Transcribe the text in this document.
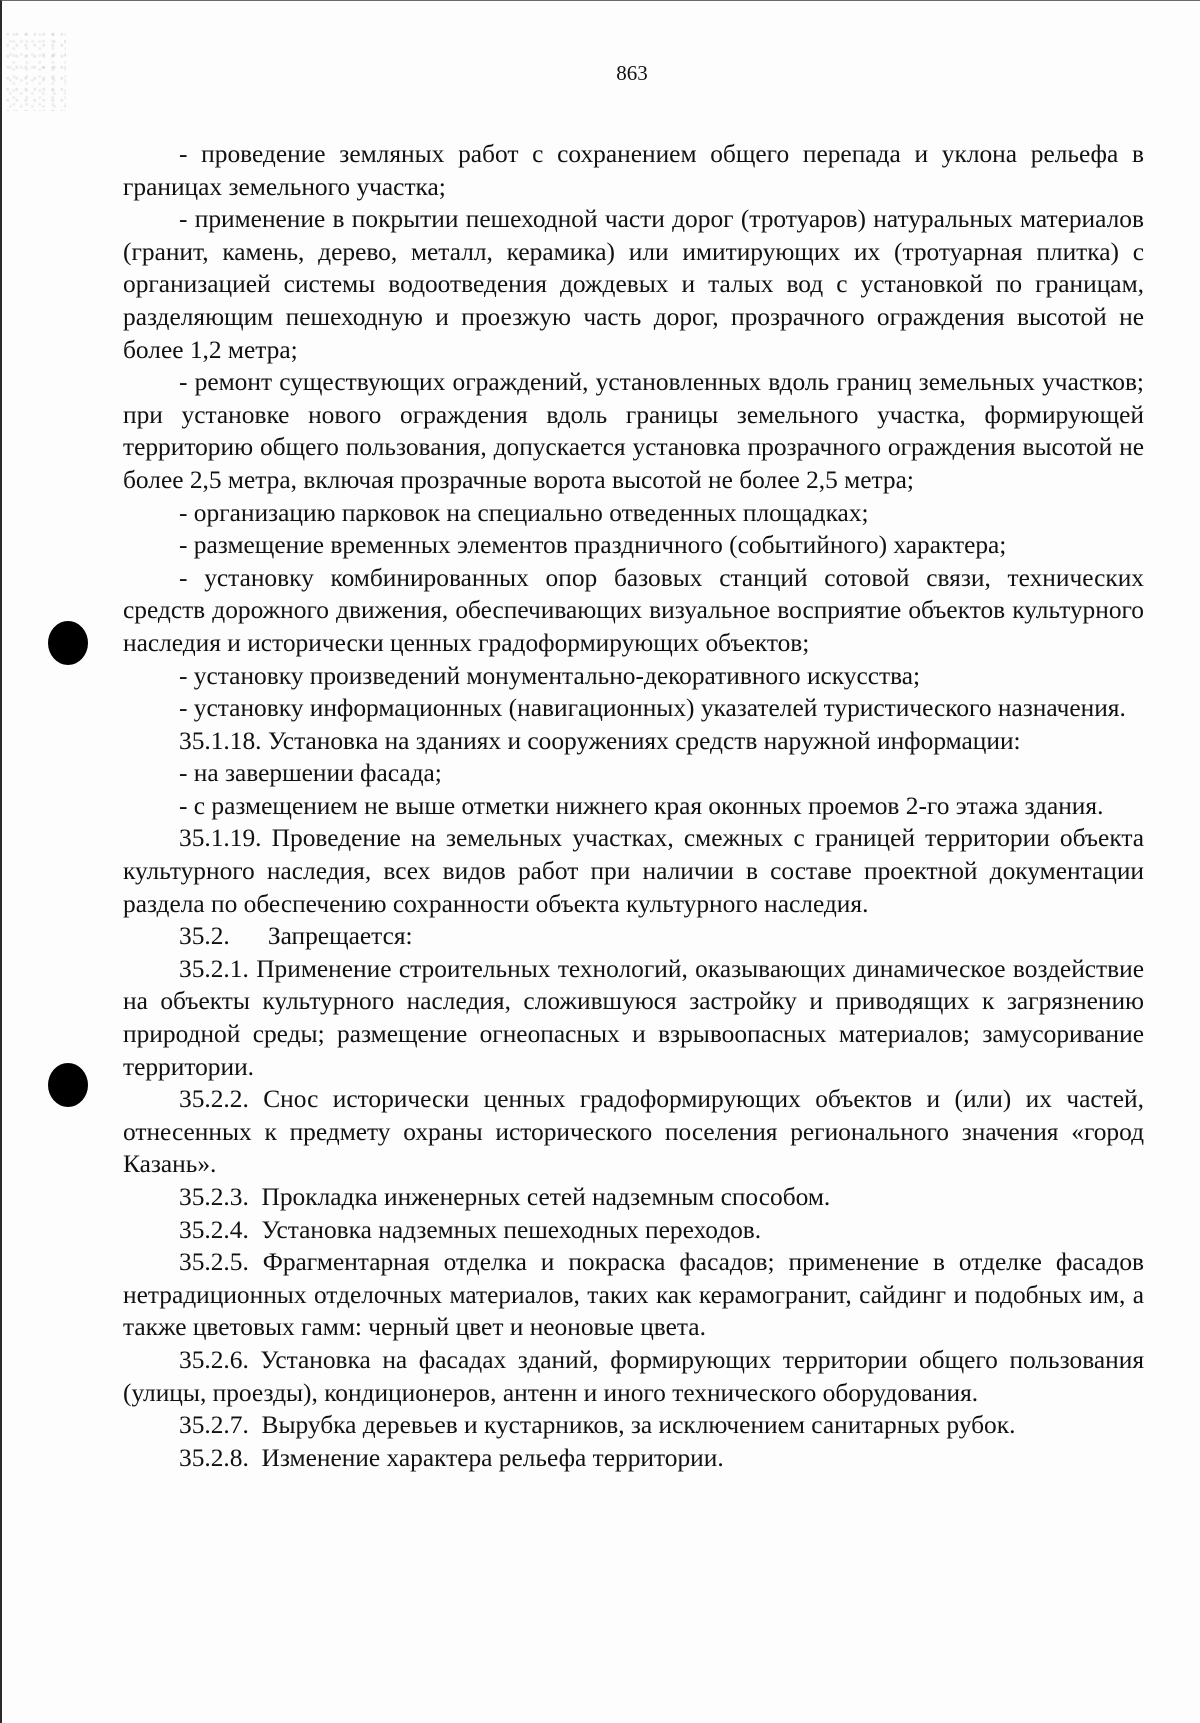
863

- проведение земляных работ с сохранением общего перепада и уклона рельефа в границах земельного участка;

- применение в покрытии пешеходной части дорог (тротуаров) натуральных материалов (гранит, камень, дерево, металл, керамика) или имитирующих их (тротуарная плитка) с организацией системы водоотведения дождевых и талых вод с установкой по границам, разделяющим пешеходную и проезжую часть дорог, прозрачного ограждения высотой не более 1,2 метра;

- ремонт существующих ограждений, установленных вдоль границ земельных участков; при установке нового ограждения вдоль границы земельного участка, формирующей территорию общего пользования, допускается установка прозрачного ограждения высотой не более 2,5 метра, включая прозрачные ворота высотой не более 2,5 метра;

- организацию парковок на специально отведенных площадках;

- размещение временных элементов праздничного (событийного) характера;

- установку комбинированных опор базовых станций сотовой связи, технических средств дорожного движения, обеспечивающих визуальное восприятие объектов культурного наследия и исторически ценных градоформирующих объектов;

- установку произведений монументально-декоративного искусства;

- установку информационных (навигационных) указателей туристического назначения.

35.1.18. Установка на зданиях и сооружениях средств наружной информации:

- на завершении фасада;

- с размещением не выше отметки нижнего края оконных проемов 2-го этажа здания.

35.1.19. Проведение на земельных участках, смежных с границей территории объекта культурного наследия, всех видов работ при наличии в составе проектной документации раздела по обеспечению сохранности объекта культурного наследия.

35.2.      Запрещается:

35.2.1. Применение строительных технологий, оказывающих динамическое воздействие на объекты культурного наследия, сложившуюся застройку и приводящих к загрязнению природной среды; размещение огнеопасных и взрывоопасных материалов; замусоривание территории.

35.2.2. Снос исторически ценных градоформирующих объектов и (или) их частей, отнесенных к предмету охраны исторического поселения регионального значения «город Казань».

35.2.3.  Прокладка инженерных сетей надземным способом.

35.2.4.  Установка надземных пешеходных переходов.

35.2.5. Фрагментарная отделка и покраска фасадов; применение в отделке фасадов нетрадиционных отделочных материалов, таких как керамогранит, сайдинг и подобных им, а также цветовых гамм: черный цвет и неоновые цвета.

35.2.6. Установка на фасадах зданий, формирующих территории общего пользования (улицы, проезды), кондиционеров, антенн и иного технического оборудования.

35.2.7.  Вырубка деревьев и кустарников, за исключением санитарных рубок.

35.2.8.  Изменение характера рельефа территории.
